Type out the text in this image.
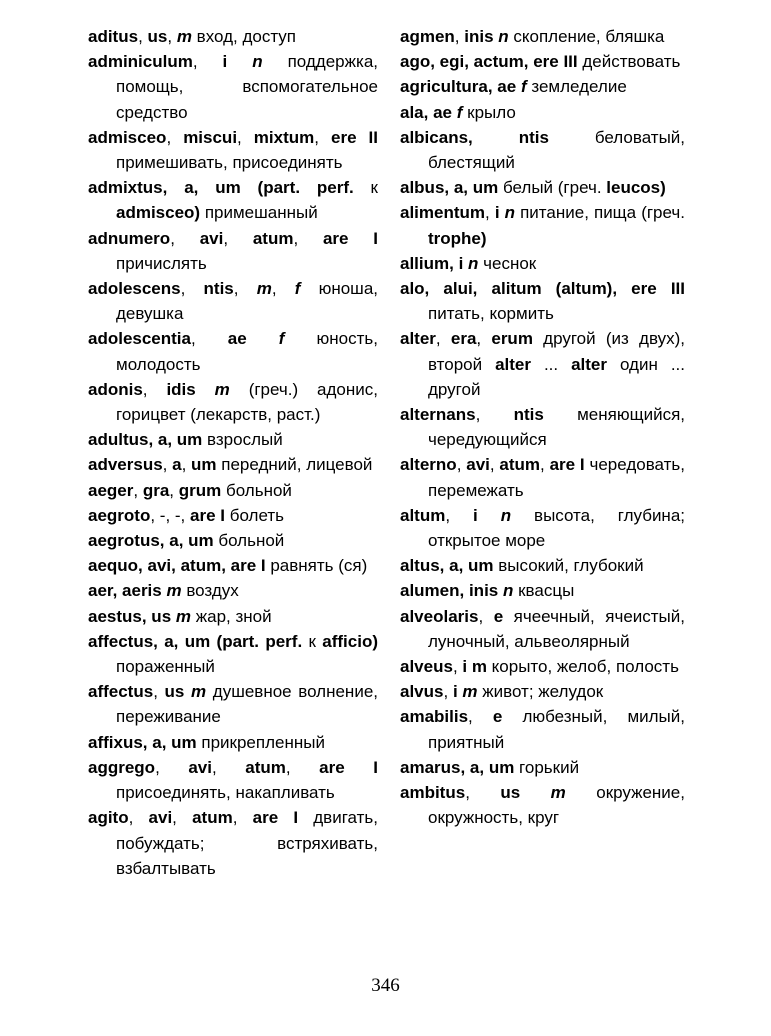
aditus, us, m вход, доступ

adminiculum, i n поддержка, помощь, вспомогательное средство

admisceo, miscui, mixtum, ere II примешивать, присоединять

admixtus, a, um (part. perf. к admisceo) примешанный

adnumero, avi, atum, are I причислять

adolescens, ntis, m, f юноша, девушка

adolescentia, ae f юность, молодость

adonis, idis m (греч.) адонис, горицвет (лекарств, раст.)

adultus, a, um взрослый

adversus, a, um передний, лицевой

aeger, gra, grum больной

aegroto, -, -, are I болеть

aegrotus, a, um больной

aequo, avi, atum, are I равнять (ся)

aer, aeris m воздух

aestus, us m жар, зной

affectus, a, um (part. perf. к afficio) пораженный

affectus, us m душевное волнение, переживание

affixus, a, um прикрепленный

aggrego, avi, atum, are I присоединять, накапливать

agito, avi, atum, are I двигать, побуждать; встряхивать, взбалтывать

agmen, inis n скопление, бляшка

ago, egi, actum, ere III действовать

agricultura, ae f земледелие

ala, ae f крыло

albicans, ntis беловатый, блестящий

albus, a, um белый (греч. leucos)

alimentum, i n питание, пища (греч. trophe)

allium, i n чеснок

alo, alui, alitum (altum), ere III питать, кормить

alter, era, erum другой (из двух), второй alter ... alter один ... другой

alternans, ntis меняющийся, чередующийся

alterno, avi, atum, are I чередовать, перемежать

altum, i n высота, глубина; открытое море

altus, a, um высокий, глубокий

alumen, inis n квасцы

alveolaris, e ячеечный, ячеистый, луночный, альвеолярный

alveus, i m корыто, желоб, полость

alvus, i m живот; желудок

amabilis, e любезный, милый, приятный

amarus, a, um горький

ambitus, us m окружение, окружность, круг

346
